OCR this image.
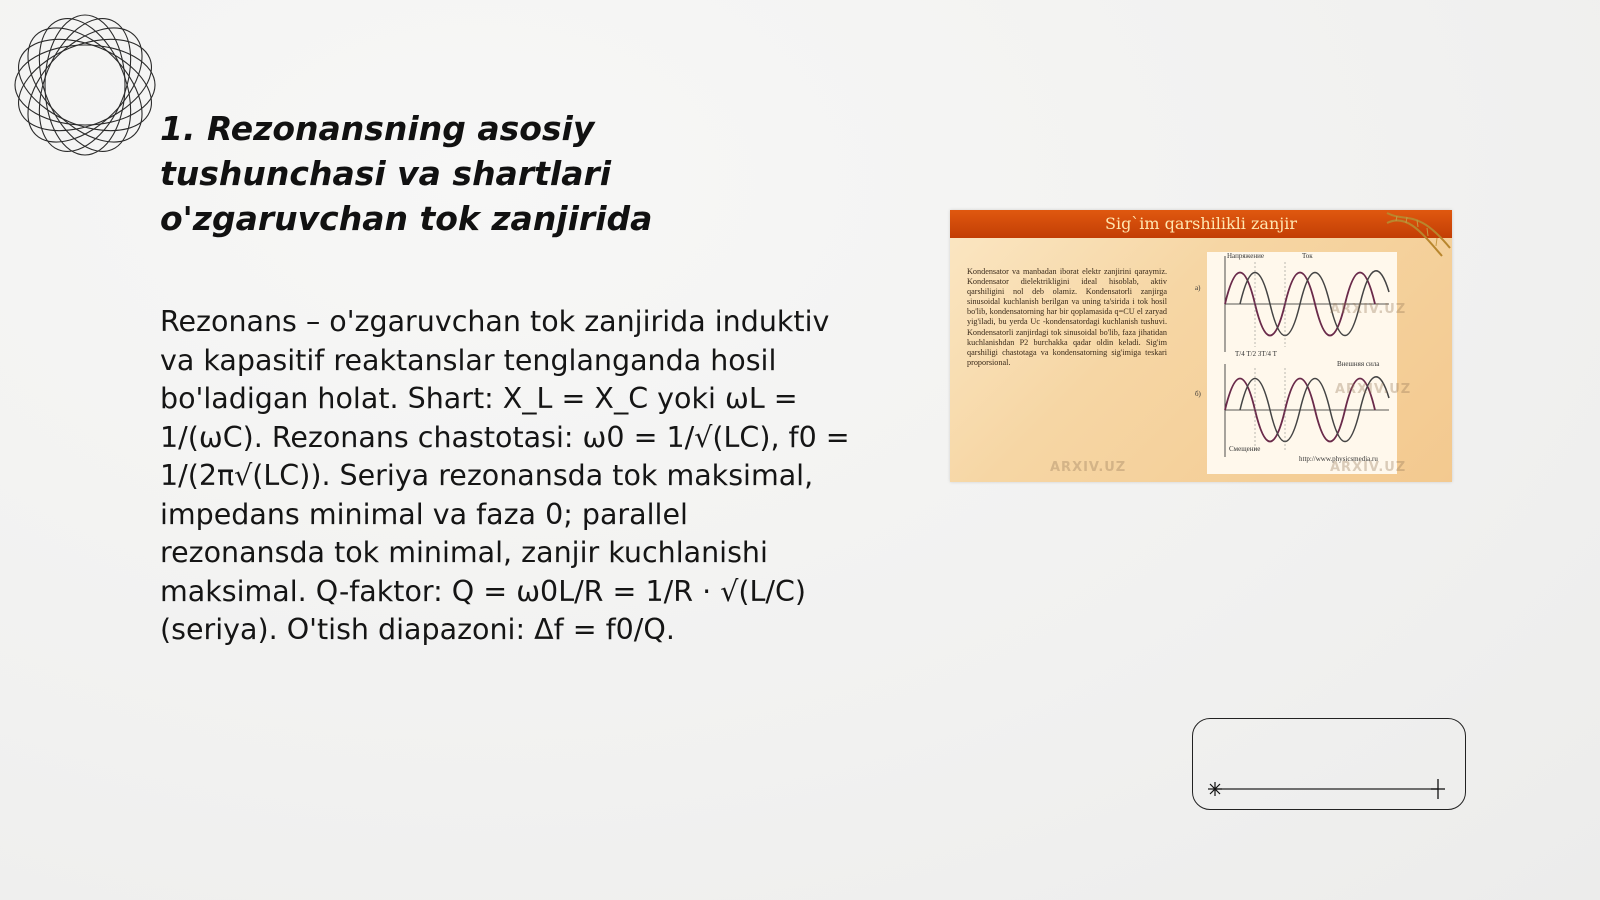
1. Rezonansning asosiy tushunchasi va shartlari o'zgaruvchan tok zanjirida

Rezonans – o'zgaruvchan tok zanjirida induktiv va kapasitif reaktanslar tenglanganda hosil bo'ladigan holat. Shart: X_L = X_C yoki ωL = 1/(ωC). Rezonans chastotasi: ω0 = 1/√(LC), f0 = 1/(2π√(LC)). Seriya rezonansda tok maksimal, impedans minimal va faza 0; parallel rezonansda tok minimal, zanjir kuchlanishi maksimal. Q-faktor: Q = ω0L/R = 1/R · √(L/C) (seriya). O'tish diapazoni: Δf = f0/Q.

Sig`im qarshilikli zanjir
Kondensator va manbadan iborat elektr zanjirini qaraymiz. Kondensator dielektrikligini ideal hisoblab, aktiv qarshiligini nol deb olamiz. Kondensatorli zanjirga sinusoidal kuchlanish berilgan va uning ta'sirida i tok hosil bo'lib, kondensatorning har bir qoplamasida q=CU el zaryad yig'iladi, bu yerda Uc -kondensatordagi kuchlanish tushuvi. Kondensatorli zanjirdagi tok sinusoidal bo'lib, faza jihatidan kuchlanishdan P2 burchakka qadar oldin keladi. Sig'im qarshiligi chastotaga va kondensatorning sig'imiga teskari proporsional.
a)
б)
Напряжение	Ток
T/4 T/2 3T/4 T
Внешняя сила
Смещение
http://www.physicsmedia.ru
ARXIV.UZ	ARXIV.UZ
ARXIV.UZ
ARXIV.UZ
